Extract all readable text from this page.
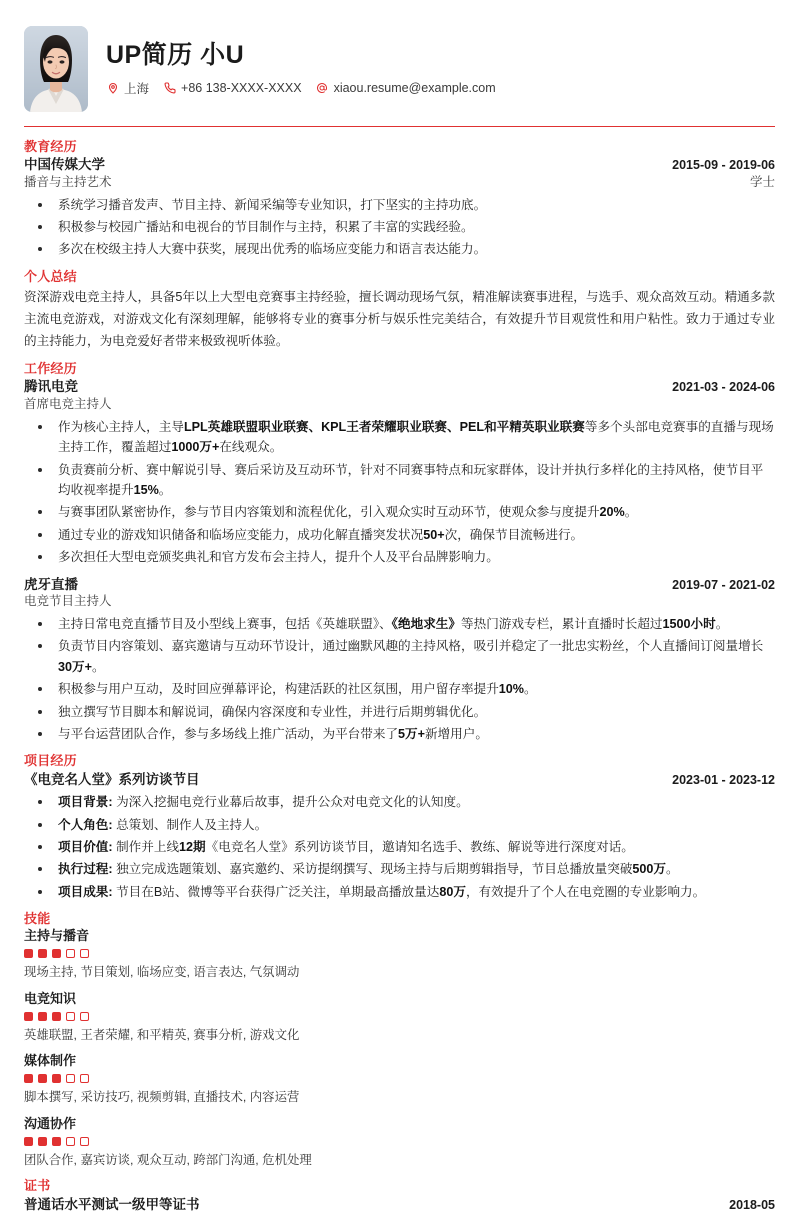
UP简历 小U
上海	+86 138-XXXX-XXXX	xiaou.resume@example.com
教育经历
中国传媒大学	2015-09 - 2019-06
播音与主持艺术	学士
系统学习播音发声、节目主持、新闻采编等专业知识，打下坚实的主持功底。
积极参与校园广播站和电视台的节目制作与主持，积累了丰富的实践经验。
多次在校级主持人大赛中获奖，展现出优秀的临场应变能力和语言表达能力。
个人总结

资深游戏电竞主持人，具备5年以上大型电竞赛事主持经验，擅长调动现场气氛，精准解读赛事进程，与选手、观众高效互动。精通多款主流电竞游戏，对游戏文化有深刻理解，能够将专业的赛事分析与娱乐性完美结合，有效提升节目观赏性和用户粘性。致力于通过专业的主持能力，为电竞爱好者带来极致视听体验。

工作经历
腾讯电竞	2021-03 - 2024-06
首席电竞主持人
作为核心主持人，主导LPL英雄联盟职业联赛、KPL王者荣耀职业联赛、PEL和平精英职业联赛等多个头部电竞赛事的直播与现场主持工作，覆盖超过1000万+在线观众。
负责赛前分析、赛中解说引导、赛后采访及互动环节，针对不同赛事特点和玩家群体，设计并执行多样化的主持风格，使节目平均收视率提升15%。
与赛事团队紧密协作，参与节目内容策划和流程优化，引入观众实时互动环节，使观众参与度提升20%。
通过专业的游戏知识储备和临场应变能力，成功化解直播突发状况50+次，确保节目流畅进行。
多次担任大型电竞颁奖典礼和官方发布会主持人，提升个人及平台品牌影响力。
虎牙直播	2019-07 - 2021-02
电竞节目主持人
主持日常电竞直播节目及小型线上赛事，包括《英雄联盟》、《绝地求生》等热门游戏专栏，累计直播时长超过1500小时。
负责节目内容策划、嘉宾邀请与互动环节设计，通过幽默风趣的主持风格，吸引并稳定了一批忠实粉丝，个人直播间订阅量增长30万+。
积极参与用户互动，及时回应弹幕评论，构建活跃的社区氛围，用户留存率提升10%。
独立撰写节目脚本和解说词，确保内容深度和专业性，并进行后期剪辑优化。
与平台运营团队合作，参与多场线上推广活动，为平台带来了5万+新增用户。
项目经历
《电竞名人堂》系列访谈节目	2023-01 - 2023-12
项目背景: 为深入挖掘电竞行业幕后故事，提升公众对电竞文化的认知度。
个人角色: 总策划、制作人及主持人。
项目价值: 制作并上线12期《电竞名人堂》系列访谈节目，邀请知名选手、教练、解说等进行深度对话。
执行过程: 独立完成选题策划、嘉宾邀约、采访提纲撰写、现场主持与后期剪辑指导，节目总播放量突破500万。
项目成果: 节目在B站、微博等平台获得广泛关注，单期最高播放量达80万，有效提升了个人在电竞圈的专业影响力。
技能
主持与播音
现场主持, 节目策划, 临场应变, 语言表达, 气氛调动
电竞知识
英雄联盟, 王者荣耀, 和平精英, 赛事分析, 游戏文化
媒体制作
脚本撰写, 采访技巧, 视频剪辑, 直播技术, 内容运营
沟通协作
团队合作, 嘉宾访谈, 观众互动, 跨部门沟通, 危机处理
证书
普通话水平测试一级甲等证书	2018-05
